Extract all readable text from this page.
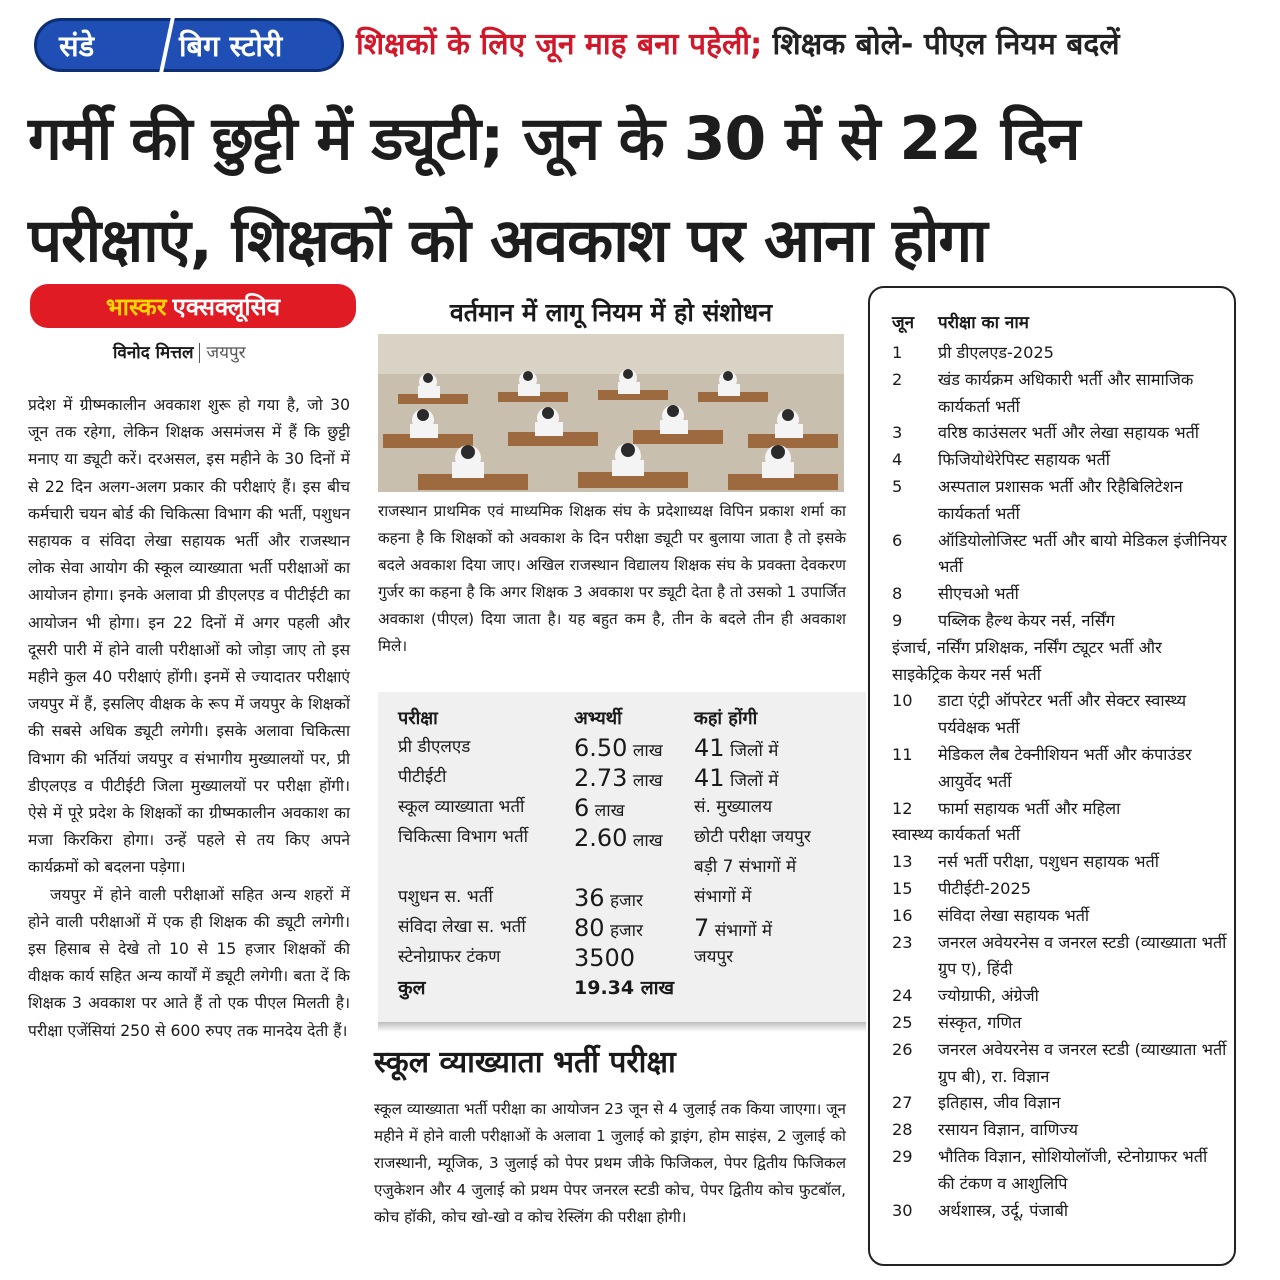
संडे	बिग स्टोरी शिक्षकों के लिए जून माह बना पहेली; शिक्षक बोले- पीएल नियम बदलें
गर्मी की छुट्टी में ड्यूटी; जून के 30 में से 22 दिन
परीक्षाएं, शिक्षकों को अवकाश पर आना होगा
भास्कर एक्सक्लूसिव
विनोद मित्तल जयपुर

प्रदेश में ग्रीष्मकालीन अवकाश शुरू हो गया है, जो 30 जून तक रहेगा, लेकिन शिक्षक असमंजस में हैं कि छुट्टी मनाए या ड्यूटी करें। दरअसल, इस महीने के 30 दिनों में से 22 दिन अलग-अलग प्रकार की परीक्षाएं हैं। इस बीच कर्मचारी चयन बोर्ड की चिकित्सा विभाग की भर्ती, पशुधन सहायक व संविदा लेखा सहायक भर्ती और राजस्थान लोक सेवा आयोग की स्कूल व्याख्याता भर्ती परीक्षाओं का आयोजन होगा। इनके अलावा प्री डीएलएड व पीटीईटी का आयोजन भी होगा। इन 22 दिनों में अगर पहली और दूसरी पारी में होने वाली परीक्षाओं को जोड़ा जाए तो इस महीने कुल 40 परीक्षाएं होंगी। इनमें से ज्यादातर परीक्षाएं जयपुर में हैं, इसलिए वीक्षक के रूप में जयपुर के शिक्षकों की सबसे अधिक ड्यूटी लगेगी। इसके अलावा चिकित्सा विभाग की भर्तियां जयपुर व संभागीय मुख्यालयों पर, प्री डीएलएड व पीटीईटी जिला मुख्यालयों पर परीक्षा होंगी। ऐसे में पूरे प्रदेश के शिक्षकों का ग्रीष्मकालीन अवकाश का मजा किरकिरा होगा। उन्हें पहले से तय किए अपने कार्यक्रमों को बदलना पड़ेगा।

जयपुर में होने वाली परीक्षाओं सहित अन्य शहरों में होने वाली परीक्षाओं में एक ही शिक्षक की ड्यूटी लगेगी। इस हिसाब से देखे तो 10 से 15 हजार शिक्षकों की वीक्षक कार्य सहित अन्य कार्यों में ड्यूटी लगेगी। बता दें कि शिक्षक 3 अवकाश पर आते हैं तो एक पीएल मिलती है। परीक्षा एजेंसियां 250 से 600 रुपए तक मानदेय देती हैं।

वर्तमान में लागू नियम में हो संशोधन
राजस्थान प्राथमिक एवं माध्यमिक शिक्षक संघ के प्रदेशाध्यक्ष विपिन प्रकाश शर्मा का कहना है कि शिक्षकों को अवकाश के दिन परीक्षा ड्यूटी पर बुलाया जाता है तो इसके बदले अवकाश दिया जाए। अखिल राजस्थान विद्यालय शिक्षक संघ के प्रवक्ता देवकरण गुर्जर का कहना है कि अगर शिक्षक 3 अवकाश पर ड्यूटी देता है तो उसको 1 उपार्जित अवकाश (पीएल) दिया जाता है। यह बहुत कम है, तीन के बदले तीन ही अवकाश मिले।
परीक्षा	अभ्यर्थी	कहां होंगी
प्री डीएलएड	6.50 लाख	41 जिलों में
पीटीईटी	2.73 लाख	41 जिलों में
स्कूल व्याख्याता भर्ती	6 लाख	सं. मुख्यालय
चिकित्सा विभाग भर्ती	2.60 लाख	छोटी परीक्षा जयपुर
		बड़ी 7 संभागों में
पशुधन स. भर्ती	36 हजार	संभागों में
संविदा लेखा स. भर्ती	80 हजार	7 संभागों में
स्टेनोग्राफर टंकण	3500	जयपुर
कुल	19.34 लाख	
स्कूल व्याख्याता भर्ती परीक्षा
स्कूल व्याख्याता भर्ती परीक्षा का आयोजन 23 जून से 4 जुलाई तक किया जाएगा। जून महीने में होने वाली परीक्षाओं के अलावा 1 जुलाई को ड्राइंग, होम साइंस, 2 जुलाई को राजस्थानी, म्यूजिक, 3 जुलाई को पेपर प्रथम जीके फिजिकल, पेपर द्वितीय फिजिकल एजुकेशन और 4 जुलाई को प्रथम पेपर जनरल स्टडी कोच, पेपर द्वितीय कोच फुटबॉल, कोच हॉकी, कोच खो-खो व कोच रेस्लिंग की परीक्षा होगी।
जून परीक्षा का नाम
1	प्री डीएलएड-2025
2	खंड कार्यक्रम अधिकारी भर्ती और सामाजिक कार्यकर्ता भर्ती
3	वरिष्ठ काउंसलर भर्ती और लेखा सहायक भर्ती
4	फिजियोथेरेपिस्ट सहायक भर्ती
5	अस्पताल प्रशासक भर्ती और रिहैबिलिटेशन कार्यकर्ता भर्ती
6	ऑडियोलोजिस्ट भर्ती और बायो मेडिकल इंजीनियर भर्ती
8	सीएचओ भर्ती
9	पब्लिक हैल्थ केयर नर्स, नर्सिंग
इंजार्च, नर्सिंग प्रशिक्षक, नर्सिंग ट्यूटर भर्ती और साइकेट्रिक केयर नर्स भर्ती
10	डाटा एंट्री ऑपरेटर भर्ती और सेक्टर स्वास्थ्य पर्यवेक्षक भर्ती
11	मेडिकल लैब टेक्नीशियन भर्ती और कंपाउंडर आयुर्वेद भर्ती
12	फार्मा सहायक भर्ती और महिला
स्वास्थ्य कार्यकर्ता भर्ती
13	नर्स भर्ती परीक्षा, पशुधन सहायक भर्ती
15	पीटीईटी-2025
16	संविदा लेखा सहायक भर्ती
23	जनरल अवेयरनेस व जनरल स्टडी (व्याख्याता भर्ती ग्रुप ए), हिंदी
24	ज्योग्राफी, अंग्रेजी
25	संस्कृत, गणित
26	जनरल अवेयरनेस व जनरल स्टडी (व्याख्याता भर्ती ग्रुप बी), रा. विज्ञान
27	इतिहास, जीव विज्ञान
28	रसायन विज्ञान, वाणिज्य
29	भौतिक विज्ञान, सोशियोलॉजी, स्टेनोग्राफर भर्ती की टंकण व आशुलिपि
30	अर्थशास्त्र, उर्दू, पंजाबी
